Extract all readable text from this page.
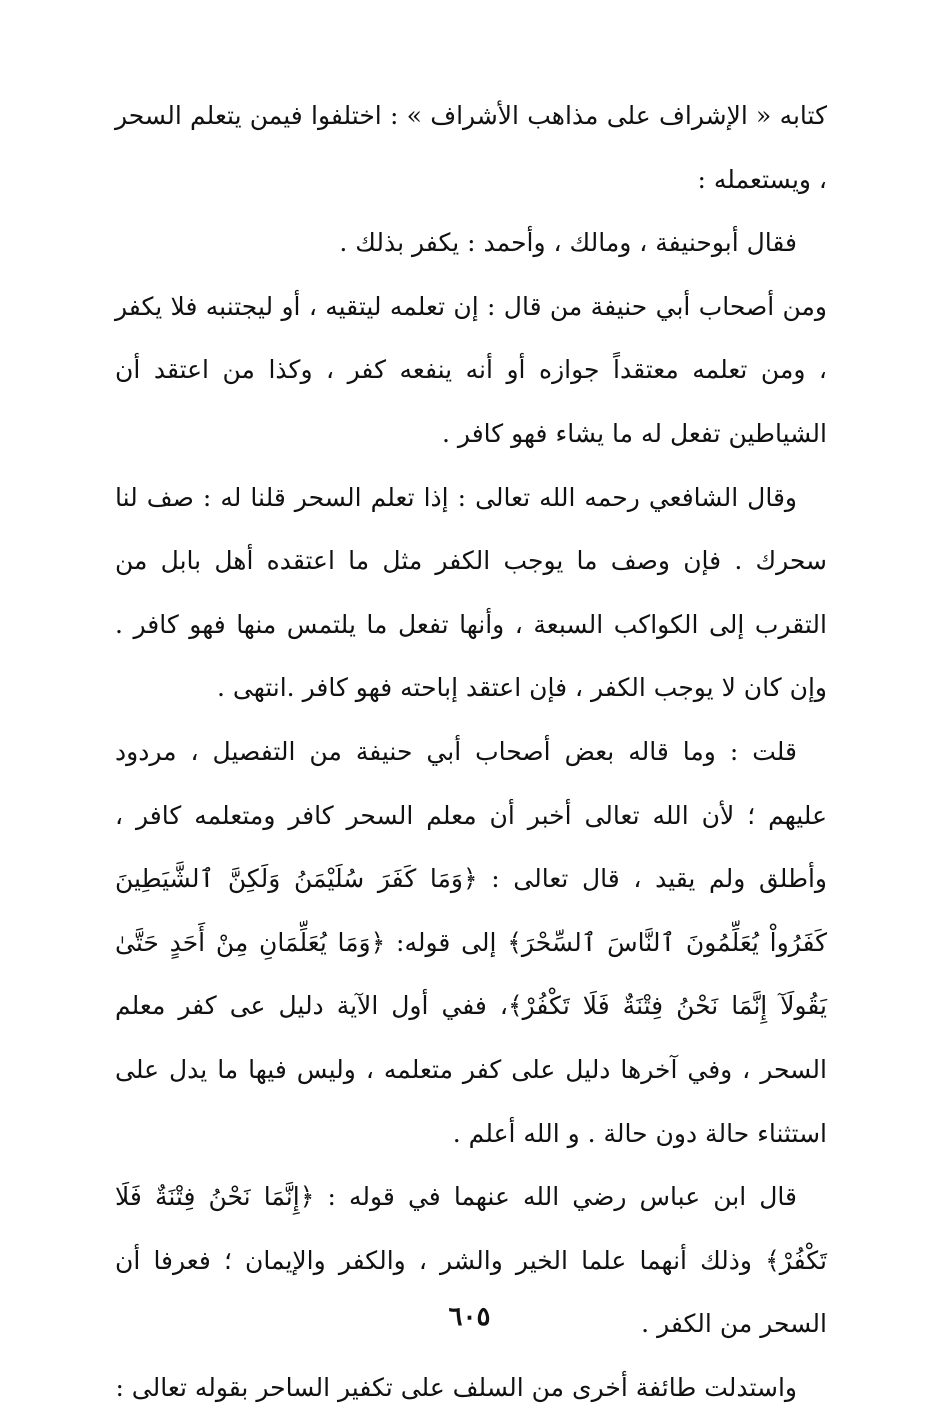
كتابه « الإشراف على مذاهب الأشراف » : اختلفوا فيمن يتعلم السحر ، ويستعمله :

فقال أبوحنيفة ، ومالك ، وأحمد : يكفر بذلك .

ومن أصحاب أبي حنيفة من قال : إن تعلمه ليتقيه ، أو ليجتنبه فلا يكفر ، ومن تعلمه معتقداً جوازه أو أنه ينفعه كفر ، وكذا من اعتقد أن الشياطين تفعل له ما يشاء فهو كافر .

وقال الشافعي رحمه الله تعالى : إذا تعلم السحر قلنا له : صف لنا سحرك . فإن وصف ما يوجب الكفر مثل ما اعتقده أهل بابل من التقرب إلى الكواكب السبعة ، وأنها تفعل ما يلتمس منها فهو كافر . وإن كان لا يوجب الكفر ، فإن اعتقد إباحته فهو كافر .انتهى .

قلت : وما قاله بعض أصحاب أبي حنيفة من التفصيل ، مردود عليهم ؛ لأن الله تعالى أخبر أن معلم السحر كافر ومتعلمه كافر ، وأطلق ولم يقيد ، قال تعالى : ﴿وَمَا كَفَرَ سُلَيْمَنُ وَلَكِنَّ ٱلشَّيَطِينَ كَفَرُواْ يُعَلِّمُونَ ٱلنَّاسَ ٱلسِّحْرَ﴾ إلى قوله: ﴿وَمَا يُعَلِّمَانِ مِنْ أَحَدٍ حَتَّىٰ يَقُولَآ إِنَّمَا نَحْنُ فِتْنَةٌ فَلَا تَكْفُرْ﴾، ففي أول الآية دليل عى كفر معلم السحر ، وفي آخرها دليل على كفر متعلمه ، وليس فيها ما يدل على استثناء حالة دون حالة . و الله أعلم .

قال ابن عباس رضي الله عنهما في قوله : ﴿إِنَّمَا نَحْنُ فِتْنَةٌ فَلَا تَكْفُرْ﴾ وذلك أنهما علما الخير والشر ، والكفر والإيمان ؛ فعرفا أن السحر من الكفر .

واستدلت طائفة أخرى من السلف على تكفير الساحر بقوله تعالى :

٦٠٥
